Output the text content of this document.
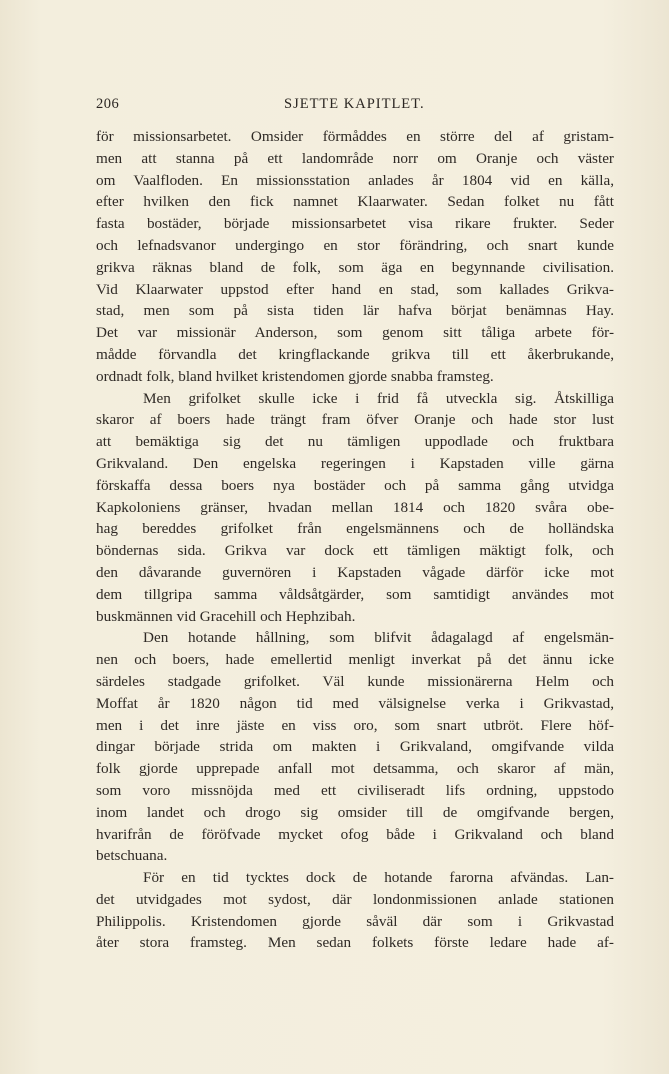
206	SJETTE KAPITLET.
för missionsarbetet. Omsider förmåddes en större del af gristam-
men att stanna på ett landområde norr om Oranje och väster
om Vaalfloden. En missionsstation anlades år 1804 vid en källa,
efter hvilken den fick namnet Klaarwater. Sedan folket nu fått
fasta bostäder, började missionsarbetet visa rikare frukter. Seder
och lefnadsvanor undergingo en stor förändring, och snart kunde
grikva räknas bland de folk, som äga en begynnande civilisation.
Vid Klaarwater uppstod efter hand en stad, som kallades Grikva-
stad, men som på sista tiden lär hafva börjat benämnas Hay.
Det var missionär Anderson, som genom sitt tåliga arbete för-
mådde förvandla det kringflackande grikva till ett åkerbrukande,
ordnadt folk, bland hvilket kristendomen gjorde snabba framsteg.
Men grifolket skulle icke i frid få utveckla sig. Åtskilliga
skaror af boers hade trängt fram öfver Oranje och hade stor lust
att bemäktiga sig det nu tämligen uppodlade och fruktbara
Grikvaland. Den engelska regeringen i Kapstaden ville gärna
förskaffa dessa boers nya bostäder och på samma gång utvidga
Kapkoloniens gränser, hvadan mellan 1814 och 1820 svåra obe-
hag bereddes grifolket från engelsmännens och de holländska
böndernas sida. Grikva var dock ett tämligen mäktigt folk, och
den dåvarande guvernören i Kapstaden vågade därför icke mot
dem tillgripa samma våldsåtgärder, som samtidigt användes mot
buskmännen vid Gracehill och Hephzibah.
Den hotande hållning, som blifvit ådagalagd af engelsmän-
nen och boers, hade emellertid menligt inverkat på det ännu icke
särdeles stadgade grifolket. Väl kunde missionärerna Helm och
Moffat år 1820 någon tid med välsignelse verka i Grikvastad,
men i det inre jäste en viss oro, som snart utbröt. Flere höf-
dingar började strida om makten i Grikvaland, omgifvande vilda
folk gjorde upprepade anfall mot detsamma, och skaror af män,
som voro missnöjda med ett civiliseradt lifs ordning, uppstodo
inom landet och drogo sig omsider till de omgifvande bergen,
hvarifrån de föröfvade mycket ofog både i Grikvaland och bland
betschuana.
För en tid tycktes dock de hotande farorna afvändas. Lan-
det utvidgades mot sydost, där londonmissionen anlade stationen
Philippolis. Kristendomen gjorde såväl där som i Grikvastad
åter stora framsteg. Men sedan folkets förste ledare hade af-
